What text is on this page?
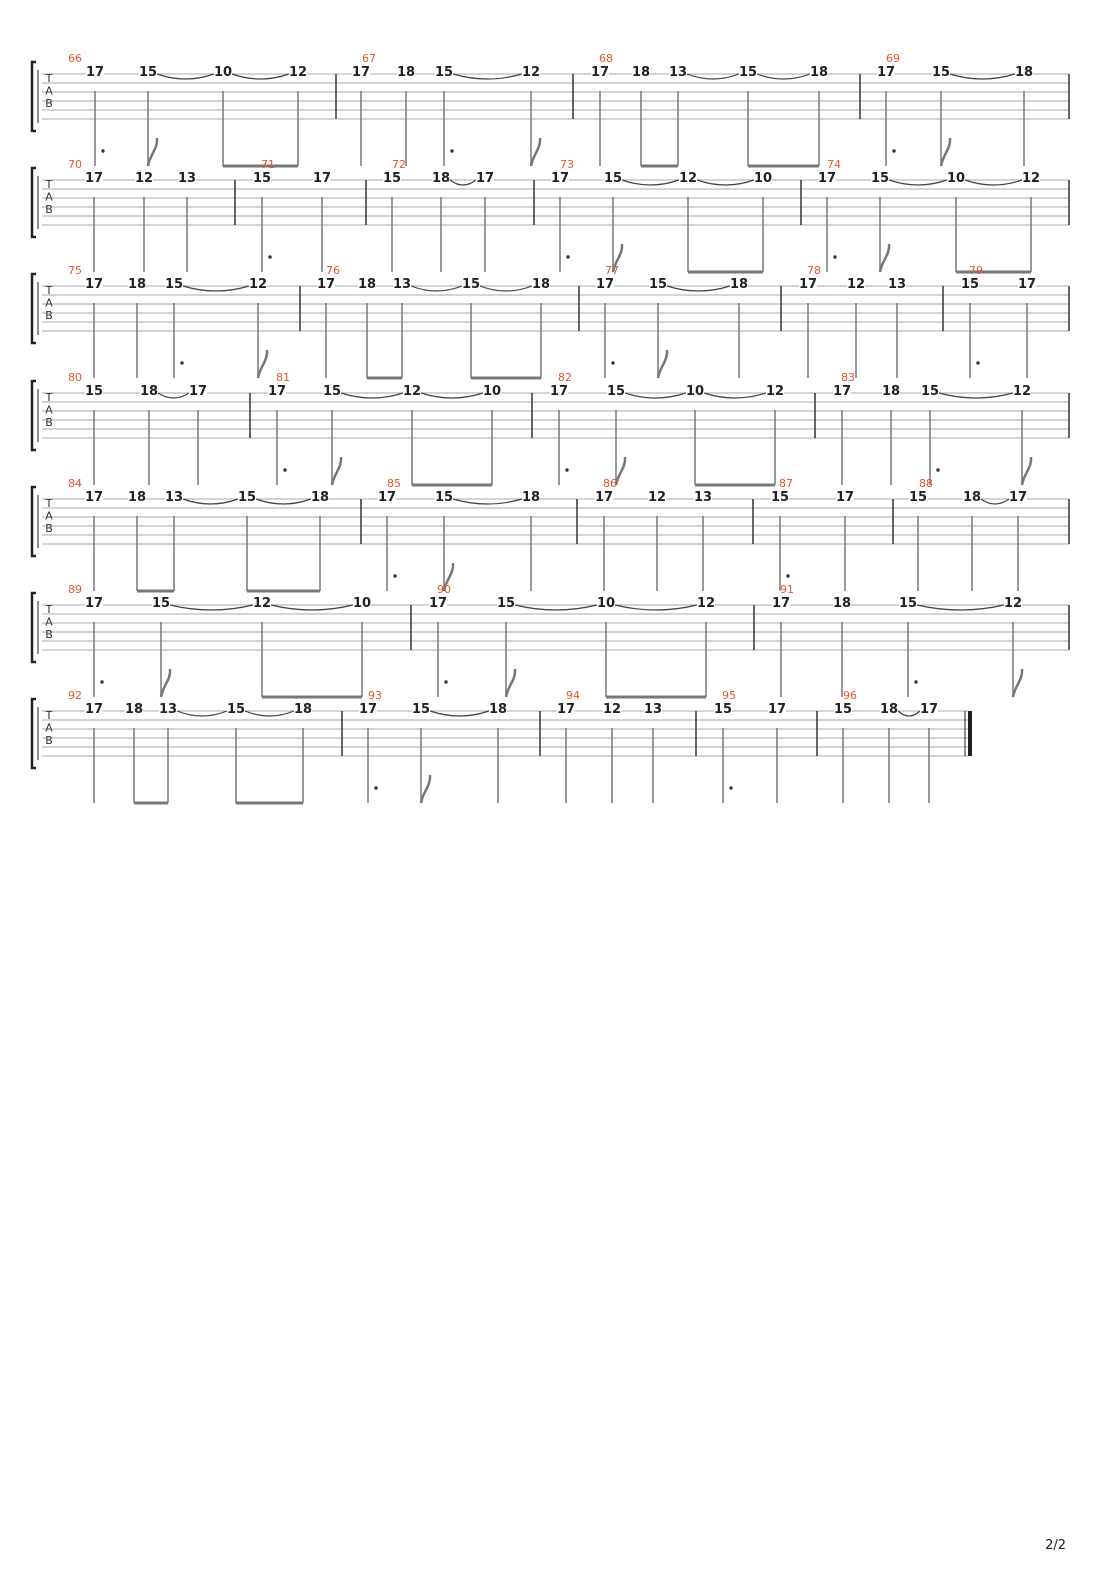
T
A
B
66
17	15	10	12
67
17 18 15	12
68
17 18 13	15	18
69
17	15	18
T
A
B
70
17 12 13
71
15	17
72
15 18 17
73
17	15	12	10
74
17	15	10	12
T
A
B
75
17 18 15	12
76
17 18 13	15	18
77
17	15	18
78
17 12 13
79
15	17
T
A
B
80
15	18 17
81
17	15	12	10
82
17	15	10	12
83
17 18 15	12
T
A
B
84
17 18 13	15	18
85
17	15	18
86
17	12 13
87
15	17
88
15	18 17
T
A
B
89
17	15	12	10
90
17	15	10	12
91
17	18	15	12
T
A
B
92
17 18 13	15	18
93
17	15	18
94
17 12 13
95
15	17
96
15 18 17
2/2
